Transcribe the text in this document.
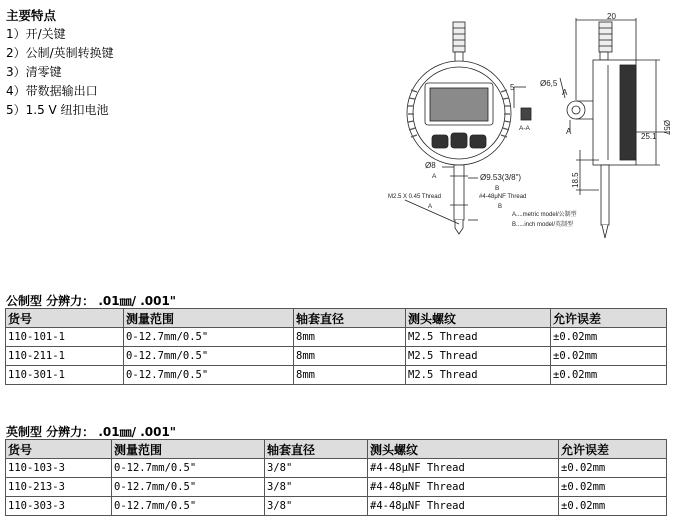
主要特点
1）开/关键
2）公制/英制转换键
3）清零键
4）带数据输出口
5）1.5 V 纽扣电池
20
5	Ø6,5
A
A
A-A	Ø57
25.1
18.5
Ø8
A	Ø9.53(3/8")
B
M2.5 X 0.45 Thread	#4-48μNF Thread
A	B
A....metric model/公制型
B.....inch model/英制型
公制型 分辨力： .01㎜/ .001"
货号	测量范围	轴套直径	测头螺纹	允许误差
110-101-1	0-12.7mm/0.5"	8mm	M2.5 Thread	±0.02mm
110-211-1	0-12.7mm/0.5"	8mm	M2.5 Thread	±0.02mm
110-301-1	0-12.7mm/0.5"	8mm	M2.5 Thread	±0.02mm
英制型 分辨力： .01㎜/ .001"
货号	测量范围	轴套直径	测头螺纹	允许误差
110-103-3	0-12.7mm/0.5"	3/8"	#4-48μNF Thread	±0.02mm
110-213-3	0-12.7mm/0.5"	3/8"	#4-48μNF Thread	±0.02mm
110-303-3	0-12.7mm/0.5"	3/8"	#4-48μNF Thread	±0.02mm
